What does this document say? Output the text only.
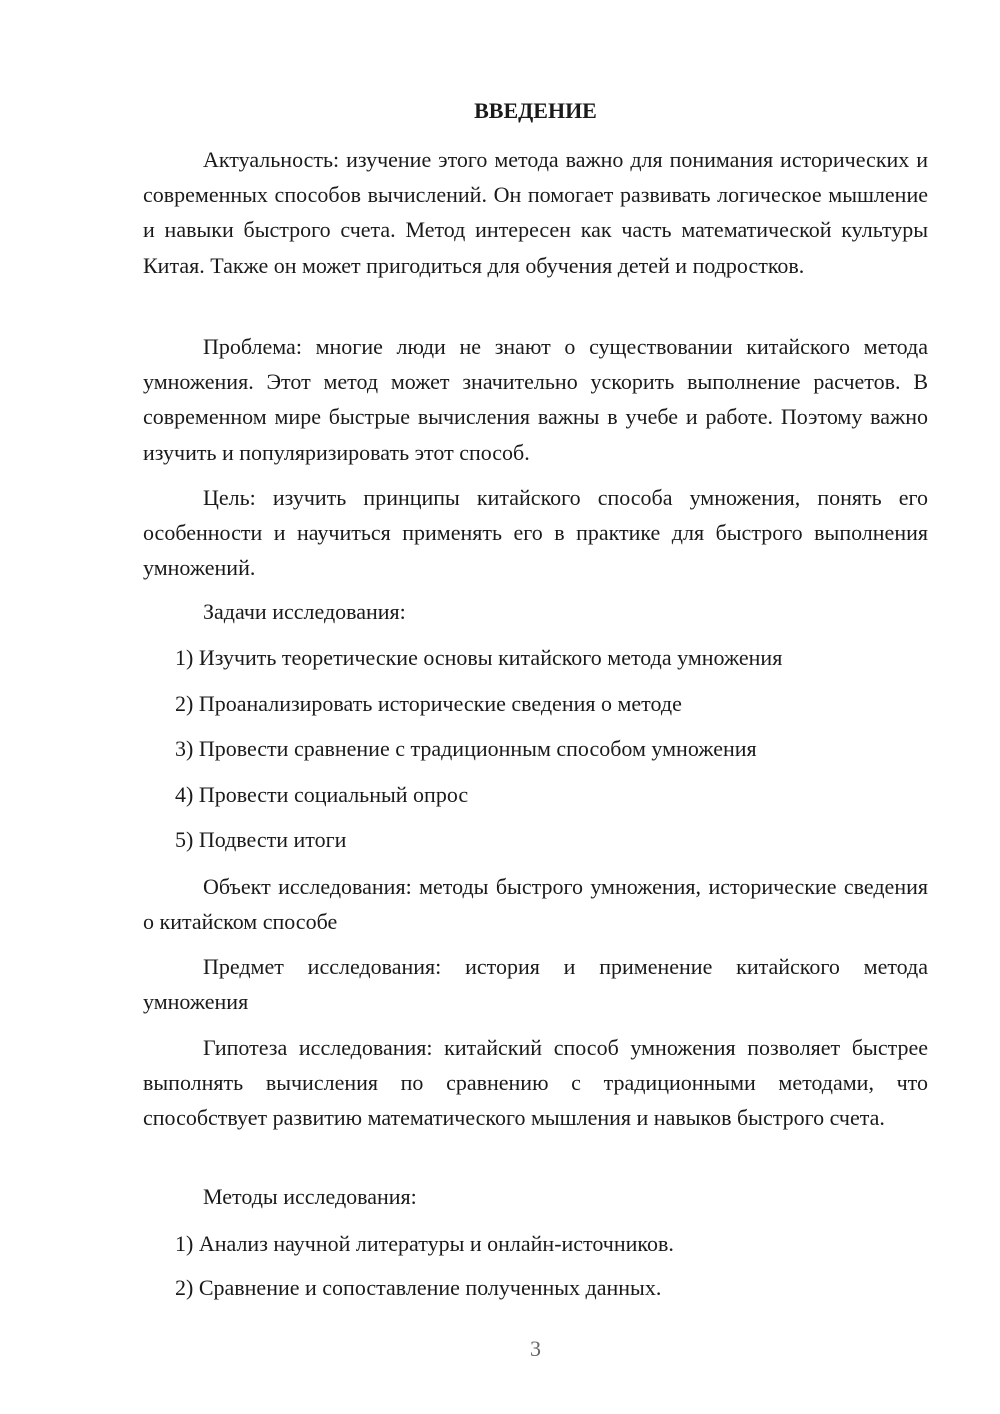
ВВЕДЕНИЕ

Актуальность: изучение этого метода важно для понимания исторических и современных способов вычислений. Он помогает развивать логическое мышление и навыки быстрого счета. Метод интересен как часть математической культуры Китая. Также он может пригодиться для обучения детей и подростков.

Проблема: многие люди не знают о существовании китайского метода умножения. Этот метод может значительно ускорить выполнение расчетов. В современном мире быстрые вычисления важны в учебе и работе. Поэтому важно изучить и популяризировать этот способ.

Цель: изучить принципы китайского способа умножения, понять его особенности и научиться применять его в практике для быстрого выполнения умножений.

Задачи исследования:

1) Изучить теоретические основы китайского метода умножения

2) Проанализировать исторические сведения о методе

3) Провести сравнение с традиционным способом умножения

4) Провести социальный опрос

5) Подвести итоги

Объект исследования: методы быстрого умножения, исторические сведения о китайском способе

Предмет исследования: история и применение китайского метода умножения

Гипотеза исследования: китайский способ умножения позволяет быстрее выполнять вычисления по сравнению с традиционными методами, что способствует развитию математического мышления и навыков быстрого счета.

Методы исследования:

1) Анализ научной литературы и онлайн-источников.

2) Сравнение и сопоставление полученных данных.

3
